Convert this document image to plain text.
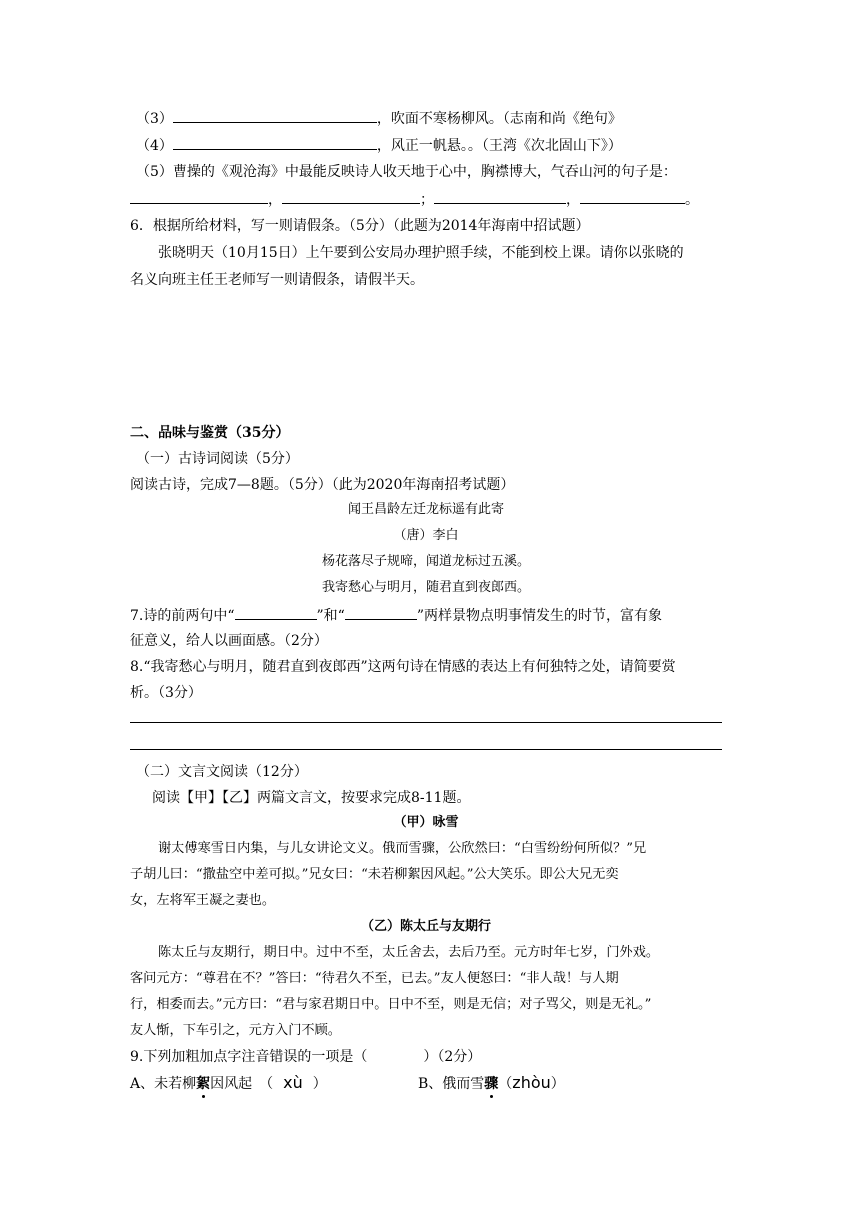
（3）	，吹面不寒杨柳风。（志南和尚《绝句》
（4）	，风正一帆悬。。（王湾《次北固山下》）
（5）曹操的《观沧海》中最能反映诗人收天地于心中，胸襟博大，气吞山河的句子是：
，	；	，	。
6．根据所给材料，写一则请假条。（5分）（此题为2014年海南中招试题）
张晓明天（10月15日）上午要到公安局办理护照手续，不能到校上课。请你以张晓的
名义向班主任王老师写一则请假条，请假半天。
二、品味与鉴赏（35分）
（一）古诗词阅读（5分）
阅读古诗，完成7—8题。（5分）（此为2020年海南招考试题）
闻王昌龄左迁龙标遥有此寄
（唐）李白
杨花落尽子规啼，闻道龙标过五溪。
我寄愁心与明月，随君直到夜郎西。
7.诗的前两句中“	”和“	”两样景物点明事情发生的时节，富有象
征意义，给人以画面感。（2分）
8.“我寄愁心与明月，随君直到夜郎西”这两句诗在情感的表达上有何独特之处，请简要赏
析。（3分）
（二）文言文阅读（12分）
阅读【甲】【乙】两篇文言文，按要求完成8-11题。
（甲）咏雪
谢太傅寒雪日内集，与儿女讲论文义。俄而雪骤，公欣然曰：“白雪纷纷何所似？”兄
子胡儿曰：“撒盐空中差可拟。”兄女曰：“未若柳絮因风起。”公大笑乐。即公大兄无奕
女，左将军王凝之妻也。
（乙）陈太丘与友期行
陈太丘与友期行，期日中。过中不至，太丘舍去，去后乃至。元方时年七岁，门外戏。
客问元方：“尊君在不？”答曰：“待君久不至，已去。”友人便怒曰：“非人哉！与人期
行，相委而去。”元方曰：“君与家君期日中。日中不至，则是无信；对子骂父，则是无礼。”
友人惭，下车引之，元方入门不顾。
9.下列加粗加点字注音错误的一项是（　　　　）（2分）
A、未若柳絮因风起　（ xù ）	B、俄而雪骤（zhòu）
